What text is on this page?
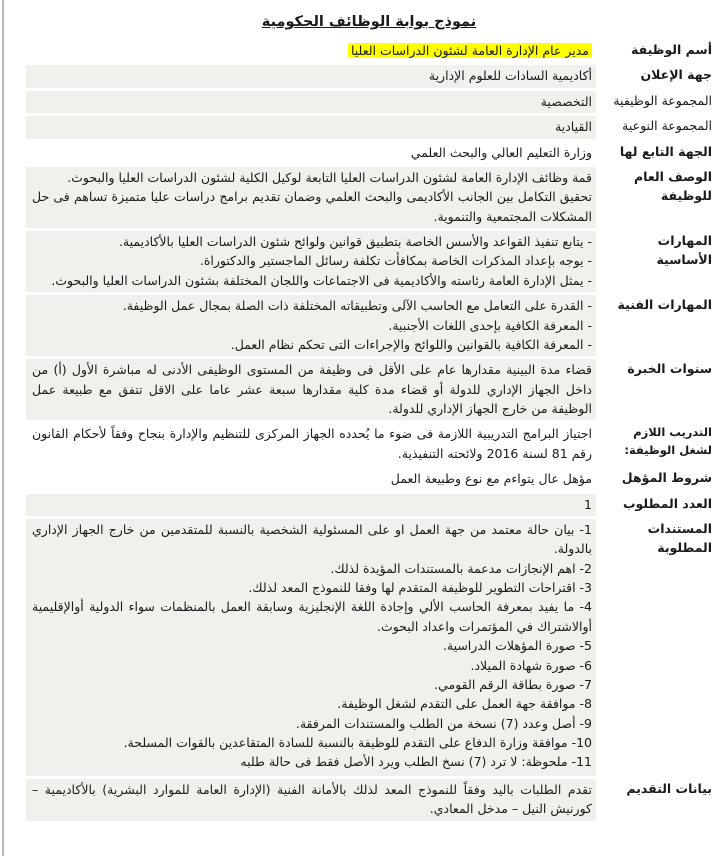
نموذج بوابة الوظائف الحكومية
أسم الوظيفة
مدير عام الإدارة العامة لشئون الدراسات العليا
جهة الإعلان
أكاديمية السادات للعلوم الإدارية
المجموعة الوظيفية
التخصصية
المجموعة النوعية
القيادية
الجهة التابع لها
وزارة التعليم العالي والبحث العلمي
الوصف العام للوظيفة
قمة وظائف الإدارة العامة لشئون الدراسات العليا التابعة لوكيل الكلية لشئون الدراسات العليا والبحوث.
تحقيق التكامل بين الجانب الأكاديمى والبحث العلمي وضمان تقديم برامج دراسات عليا متميزة تساهم فى حل المشكلات المجتمعية والتنموية.
المهارات الأساسية
- يتابع تنفيذ القواعد والأسس الخاصة بتطبيق قوانين ولوائح شئون الدراسات العليا بالأكاديمية.
- يوجه بإعداد المذكرات الخاصة بمكافأت تكلفة رسائل الماجستير والدكتوراة.
- يمثل الإدارة العامة رئاسته والأكاديمية فى الاجتماعات واللجان المختلفة بشئون الدراسات العليا والبحوث.
المهارات الفنية
- القدرة على التعامل مع الحاسب الآلى وتطبيقاته المختلفة ذات الصلة بمجال عمل الوظيفة.
- المعرفة الكافية بإحدى اللغات الأجنبية.
- المعرفة الكافية بالقوانين واللوائح والإجراءات التى تحكم نظام العمل.
سنوات الخبرة
قضاء مدة البينية مقدارها عام على الأقل فى وظيفة من المستوى الوظيفى الأدنى له مباشرة الأول (أ) من داخل الجهاز الإداري للدولة أو قضاء مدة كلية مقدارها سبعة عشر عاما على الاقل تتفق مع طبيعة عمل الوظيفة من خارج الجهاز الإداري للدولة.
التدريب اللازم لشغل الوظيفة:
اجتياز البرامج التدريبية اللازمة فى ضوء ما يُحدده الجهاز المركزى للتنظيم والإدارة بنجاح وفقاً لأحكام القانون رقم 81 لسنة 2016 ولائحته التنفيذية.
شروط المؤهل
مؤهل عال يتواءم مع نوع وطبيعة العمل
العدد المطلوب
1
المستندات المطلوبة
1- بيان حالة معتمد من جهة العمل او على المسئولية الشخصية بالنسبة للمتقدمين من خارج الجهاز الإداري بالدولة.
2- اهم الإنجازات مدعمة بالمستندات المؤيدة لذلك.
3- اقتراحات التطوير للوظيفة المتقدم لها وفقا للنموذج المعد لذلك.
4- ما يفيد بمعرفة الحاسب الألي وإجادة اللغة الإنجليزية وسابقة العمل بالمنظمات سواء الدولية أوالإقليمية أوالاشتراك في المؤتمرات واعداد البحوث.
5- صورة المؤهلات الدراسية.
6- صورة شهادة الميلاد.
7- صورة بطاقة الرقم القومي.
8- موافقة جهة العمل على التقدم لشغل الوظيفة.
9- أصل وعدد (7) نسخة من الطلب والمستندات المرفقة.
10- موافقة وزارة الدفاع على التقدم للوظيفة بالنسبة للسادة المتقاعدين بالقوات المسلحة.
11- ملحوظة: لا ترد (7) نسخ الطلب ويرد الأصل فقط فى حالة طلبه
بيانات التقديم
تقدم الطلبات باليد وفقاً للنموذج المعد لذلك بالأمانة الفنية (الإدارة العامة للموارد البشرية) بالأكاديمية – كورنيش النيل – مدخل المعادي.
